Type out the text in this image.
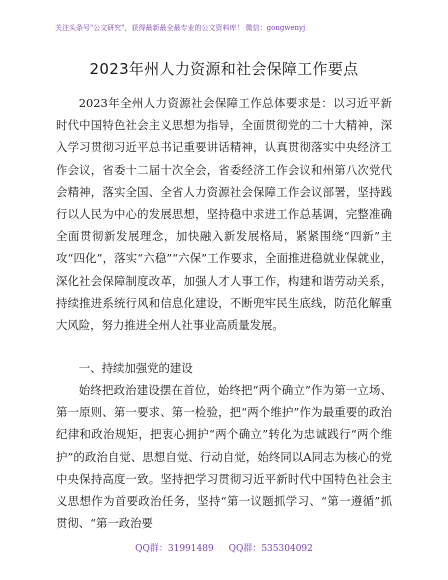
关注头条号"公文研究"，获得最新最全最专业的公文资料库！ 微信：gongwenyj
2023年州人力资源和社会保障工作要点

2023年全州人力资源社会保障工作总体要求是：以习近平新时代中国特色社会主义思想为指导，全面贯彻党的二十大精神，深入学习贯彻习近平总书记重要讲话精神，认真贯彻落实中央经济工作会议，省委十二届十次全会，省委经济工作会议和州第八次党代会精神，落实全国、全省人力资源社会保障工作会议部署，坚持践行以人民为中心的发展思想，坚持稳中求进工作总基调，完整准确全面贯彻新发展理念，加快融入新发展格局，紧紧围绕“四新”主攻“四化”，落实“六稳”“六保”工作要求，全面推进稳就业保就业，深化社会保障制度改革，加强人才人事工作，构建和谐劳动关系，持续推进系统行风和信息化建设，不断兜牢民生底线，防范化解重大风险，努力推进全州人社事业高质量发展。

一、持续加强党的建设

始终把政治建设摆在首位，始终把“两个确立”作为第一立场、第一原则、第一要求、第一检验，把“两个维护”作为最重要的政治纪律和政治规矩，把衷心拥护“两个确立”转化为忠诚践行“两个维护”的政治自觉、思想自觉、行动自觉，始终同以A同志为核心的党中央保持高度一致。坚持把学习贯彻习近平新时代中国特色社会主义思想作为首要政治任务，坚持“第一议题抓学习、“第一遵循”抓贯彻、“第一政治要

QQ群：31991489 QQ群：535304092
